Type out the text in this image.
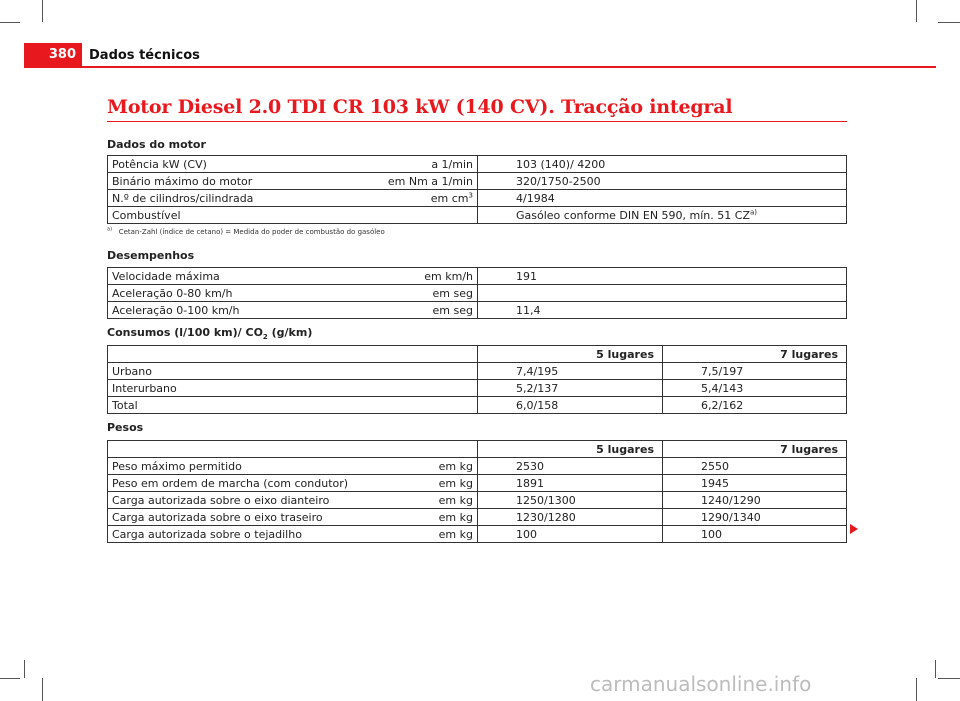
380	Dados técnicos
Motor Diesel 2.0 TDI CR 103 kW (140 CV). Tracção integral
Dados do motor
Potência kW (CV) a 1/min	103 (140)/ 4200
Binário máximo do motor em Nm a 1/min	320/1750-2500
N.º de cilindros/cilindrada em $cm^3$	4/1984
Combustível	Gasóleo conforme DIN EN 590, mín. 51 CZ$^{a)}$
$^{a)}$ Cetan-Zahl (índice de cetano) = Medida do poder de combustão do gasóleo
Desempenhos
Velocidade máxima em km/h	191
Aceleração 0-80 km/h em seg	

Aceleração 0-100 km/h em seg	11,4
Consumos (l/100 km)/ $CO_2$ (g/km)
	5 lugares	7 lugares
Urbano	7,4/195	7,5/197
Interurbano	5,2/137	5,4/143
Total	6,0/158	6,2/162
Pesos
	5 lugares	7 lugares
Peso máximo permitido em kg	2530	2550
Peso em ordem de marcha (com condutor) em kg	1891	1945
Carga autorizada sobre o eixo dianteiro em kg	1250/1300	1240/1290
Carga autorizada sobre o eixo traseiro em kg	1230/1280	1290/1340
Carga autorizada sobre o tejadilho em kg	100	100
carmanualsonline.info
